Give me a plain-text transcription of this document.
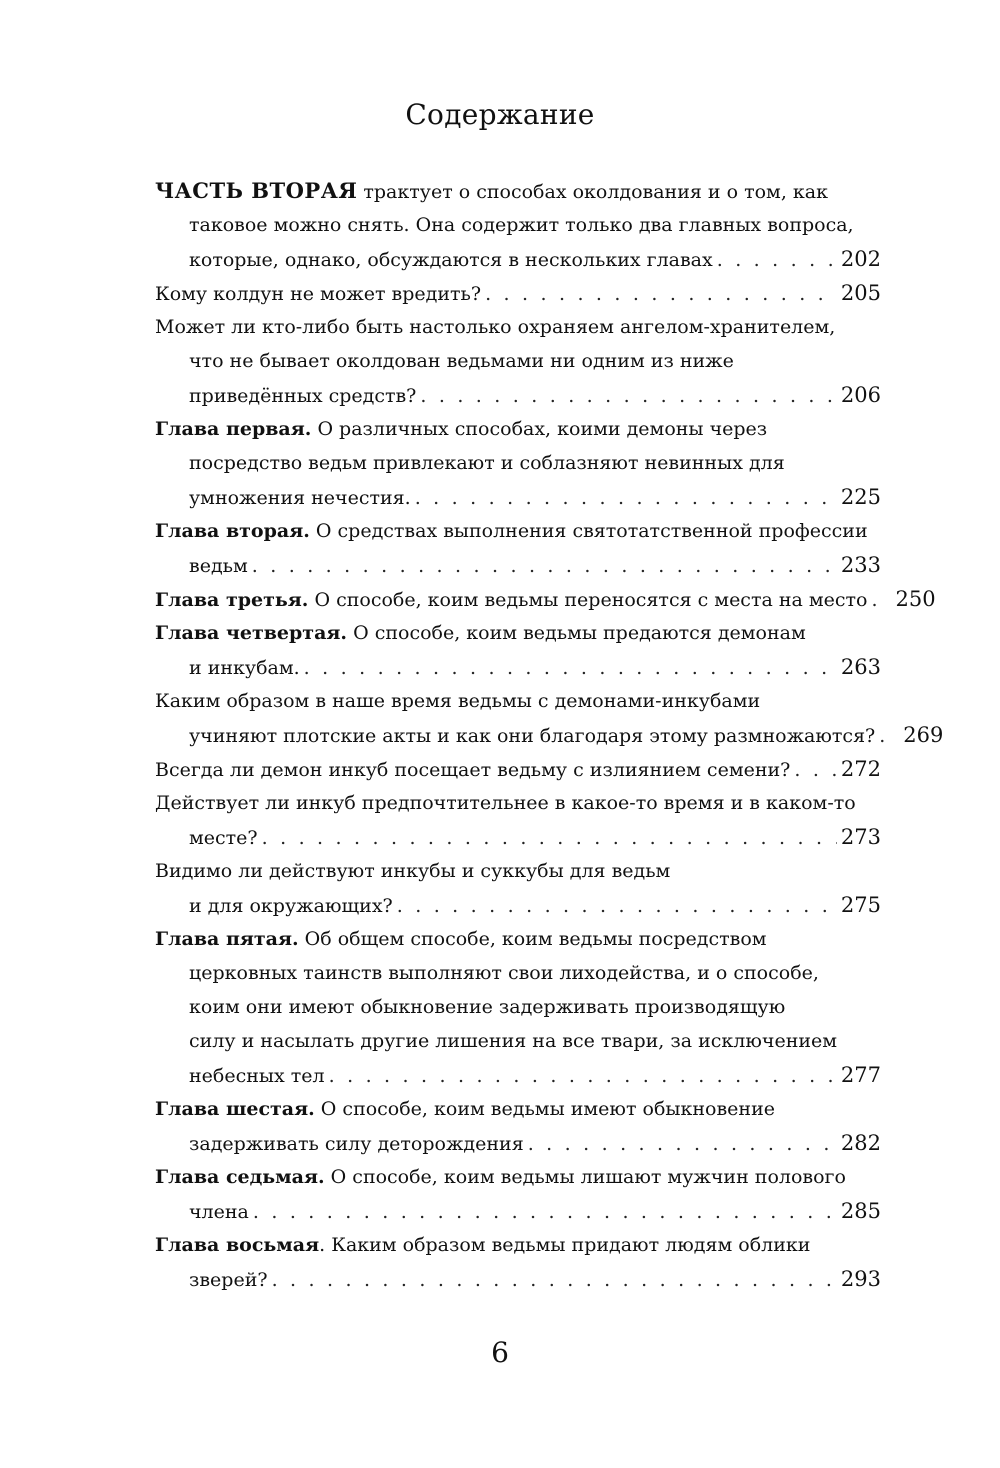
Содержание
ЧАСТЬ ВТОРАЯ трактует о способах околдования и о том, как
таковое можно снять. Она содержит только два главных вопроса,
которые, однако, обсуждаются в нескольких главах . . .	202
Кому колдун не может вредить? . . .	205
Может ли кто-либо быть настолько охраняем ангелом-хранителем,
что не бывает околдован ведьмами ни одним из ниже
приведённых средств? . . .	206
Глава первая. О различных способах, коими демоны через
посредство ведьм привлекают и соблазняют невинных для
умножения нечестия. . . .	225
Глава вторая. О средствах выполнения святотатственной профессии
ведьм . . .	233
Глава третья. О способе, коим ведьмы переносятся с места на место . . . 250
Глава четвертая. О способе, коим ведьмы предаются демонам
и инкубам. . . .	263
Каким образом в наше время ведьмы с демонами-инкубами
учиняют плотские акты и как они благодаря этому размножаются? . . . 269
Всегда ли демон инкуб посещает ведьму с излиянием семени? . . . 272
Действует ли инкуб предпочтительнее в какое-то время и в каком-то
месте? . . .	273
Видимо ли действуют инкубы и суккубы для ведьм
и для окружающих? . . .	275
Глава пятая. Об общем способе, коим ведьмы посредством
церковных таинств выполняют свои лиходейства, и о способе,
коим они имеют обыкновение задерживать производящую
силу и насылать другие лишения на все твари, за исключением
небесных тел . . .	277
Глава шестая. О способе, коим ведьмы имеют обыкновение
задерживать силу деторождения . . .	282
Глава седьмая. О способе, коим ведьмы лишают мужчин полового
члена . . .	285
Глава восьмая. Каким образом ведьмы придают людям облики
зверей? . . .	293
6
